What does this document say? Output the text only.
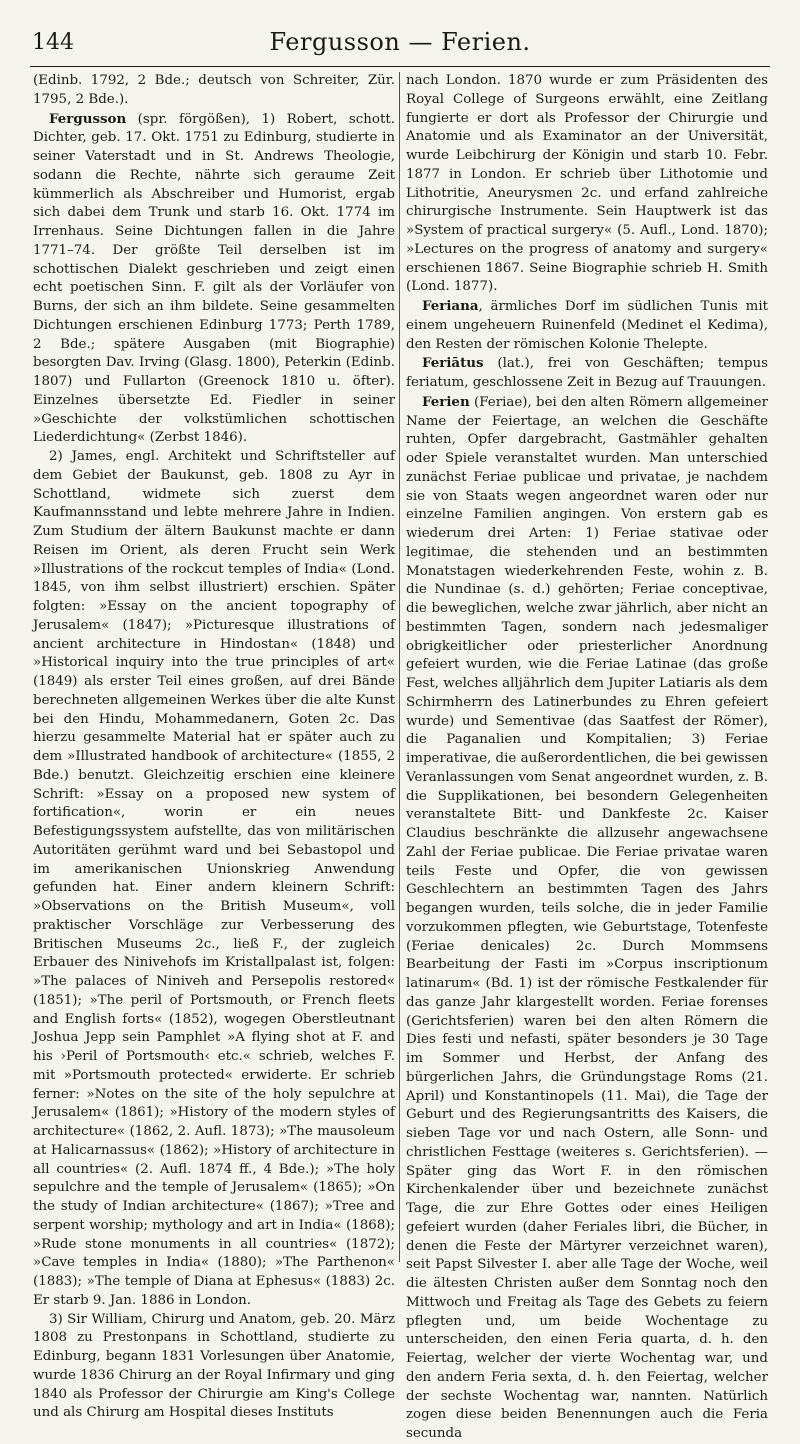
144	Fergusson — Ferien.

(Edinb. 1792, 2 Bde.; deutsch von Schreiter, Zür. 1795, 2 Bde.).

Fergusson (spr. förgößen), 1) Robert, schott. Dichter, geb. 17. Okt. 1751 zu Edinburg, studierte in seiner Vaterstadt und in St. Andrews Theologie, sodann die Rechte, nährte sich geraume Zeit kümmerlich als Abschreiber und Humorist, ergab sich dabei dem Trunk und starb 16. Okt. 1774 im Irrenhaus. Seine Dichtungen fallen in die Jahre 1771–74. Der größte Teil derselben ist im schottischen Dialekt geschrieben und zeigt einen echt poetischen Sinn. F. gilt als der Vorläufer von Burns, der sich an ihm bildete. Seine gesammelten Dichtungen erschienen Edinburg 1773; Perth 1789, 2 Bde.; spätere Ausgaben (mit Biographie) besorgten Dav. Irving (Glasg. 1800), Peterkin (Edinb. 1807) und Fullarton (Greenock 1810 u. öfter). Einzelnes übersetzte Ed. Fiedler in seiner »Geschichte der volkstümlichen schottischen Liederdichtung« (Zerbst 1846).

2) James, engl. Architekt und Schriftsteller auf dem Gebiet der Baukunst, geb. 1808 zu Ayr in Schottland, widmete sich zuerst dem Kaufmannsstand und lebte mehrere Jahre in Indien. Zum Studium der ältern Baukunst machte er dann Reisen im Orient, als deren Frucht sein Werk »Illustrations of the rockcut temples of India« (Lond. 1845, von ihm selbst illustriert) erschien. Später folgten: »Essay on the ancient topography of Jerusalem« (1847); »Picturesque illustrations of ancient architecture in Hindostan« (1848) und »Historical inquiry into the true principles of art« (1849) als erster Teil eines großen, auf drei Bände berechneten allgemeinen Werkes über die alte Kunst bei den Hindu, Mohammedanern, Goten 2c. Das hierzu gesammelte Material hat er später auch zu dem »Illustrated handbook of architecture« (1855, 2 Bde.) benutzt. Gleichzeitig erschien eine kleinere Schrift: »Essay on a proposed new system of fortification«, worin er ein neues Befestigungssystem aufstellte, das von militärischen Autoritäten gerühmt ward und bei Sebastopol und im amerikanischen Unionskrieg Anwendung gefunden hat. Einer andern kleinern Schrift: »Observations on the British Museum«, voll praktischer Vorschläge zur Verbesserung des Britischen Museums 2c., ließ F., der zugleich Erbauer des Ninivehofs im Kristallpalast ist, folgen: »The palaces of Niniveh and Persepolis restored« (1851); »The peril of Portsmouth, or French fleets and English forts« (1852), wogegen Oberstleutnant Joshua Jepp sein Pamphlet »A flying shot at F. and his ›Peril of Portsmouth‹ etc.« schrieb, welches F. mit »Portsmouth protected« erwiderte. Er schrieb ferner: »Notes on the site of the holy sepulchre at Jerusalem« (1861); »History of the modern styles of architecture« (1862, 2. Aufl. 1873); »The mausoleum at Halicarnassus« (1862); »History of architecture in all countries« (2. Aufl. 1874 ff., 4 Bde.); »The holy sepulchre and the temple of Jerusalem« (1865); »On the study of Indian architecture« (1867); »Tree and serpent worship; mythology and art in India« (1868); »Rude stone monuments in all countries« (1872); »Cave temples in India« (1880); »The Parthenon« (1883); »The temple of Diana at Ephesus« (1883) 2c. Er starb 9. Jan. 1886 in London.

3) Sir William, Chirurg und Anatom, geb. 20. März 1808 zu Prestonpans in Schottland, studierte zu Edinburg, begann 1831 Vorlesungen über Anatomie, wurde 1836 Chirurg an der Royal Infirmary und ging 1840 als Professor der Chirurgie am King's College und als Chirurg am Hospital dieses Instituts

nach London. 1870 wurde er zum Präsidenten des Royal College of Surgeons erwählt, eine Zeitlang fungierte er dort als Professor der Chirurgie und Anatomie und als Examinator an der Universität, wurde Leibchirurg der Königin und starb 10. Febr. 1877 in London. Er schrieb über Lithotomie und Lithotritie, Aneurysmen 2c. und erfand zahlreiche chirurgische Instrumente. Sein Hauptwerk ist das »System of practical surgery« (5. Aufl., Lond. 1870); »Lectures on the progress of anatomy and surgery« erschienen 1867. Seine Biographie schrieb H. Smith (Lond. 1877).

Feriana, ärmliches Dorf im südlichen Tunis mit einem ungeheuern Ruinenfeld (Medinet el Kedima), den Resten der römischen Kolonie Thelepte.

Feriātus (lat.), frei von Geschäften; tempus feriatum, geschlossene Zeit in Bezug auf Trauungen.

Ferien (Feriae), bei den alten Römern allgemeiner Name der Feiertage, an welchen die Geschäfte ruhten, Opfer dargebracht, Gastmähler gehalten oder Spiele veranstaltet wurden. Man unterschied zunächst Feriae publicae und privatae, je nachdem sie von Staats wegen angeordnet waren oder nur einzelne Familien angingen. Von erstern gab es wiederum drei Arten: 1) Feriae stativae oder legitimae, die stehenden und an bestimmten Monatstagen wiederkehrenden Feste, wohin z. B. die Nundinae (s. d.) gehörten; Feriae conceptivae, die beweglichen, welche zwar jährlich, aber nicht an bestimmten Tagen, sondern nach jedesmaliger obrigkeitlicher oder priesterlicher Anordnung gefeiert wurden, wie die Feriae Latinae (das große Fest, welches alljährlich dem Jupiter Latiaris als dem Schirmherrn des Latinerbundes zu Ehren gefeiert wurde) und Sementivae (das Saatfest der Römer), die Paganalien und Kompitalien; 3) Feriae imperativae, die außerordentlichen, die bei gewissen Veranlassungen vom Senat angeordnet wurden, z. B. die Supplikationen, bei besondern Gelegenheiten veranstaltete Bitt- und Dankfeste 2c. Kaiser Claudius beschränkte die allzusehr angewachsene Zahl der Feriae publicae. Die Feriae privatae waren teils Feste und Opfer, die von gewissen Geschlechtern an bestimmten Tagen des Jahrs begangen wurden, teils solche, die in jeder Familie vorzukommen pflegten, wie Geburtstage, Totenfeste (Feriae denicales) 2c. Durch Mommsens Bearbeitung der Fasti im »Corpus inscriptionum latinarum« (Bd. 1) ist der römische Festkalender für das ganze Jahr klargestellt worden. Feriae forenses (Gerichtsferien) waren bei den alten Römern die Dies festi und nefasti, später besonders je 30 Tage im Sommer und Herbst, der Anfang des bürgerlichen Jahrs, die Gründungstage Roms (21. April) und Konstantinopels (11. Mai), die Tage der Geburt und des Regierungsantritts des Kaisers, die sieben Tage vor und nach Ostern, alle Sonn- und christlichen Festtage (weiteres s. Gerichtsferien). — Später ging das Wort F. in den römischen Kirchenkalender über und bezeichnete zunächst Tage, die zur Ehre Gottes oder eines Heiligen gefeiert wurden (daher Feriales libri, die Bücher, in denen die Feste der Märtyrer verzeichnet waren), seit Papst Silvester I. aber alle Tage der Woche, weil die ältesten Christen außer dem Sonntag noch den Mittwoch und Freitag als Tage des Gebets zu feiern pflegten und, um beide Wochentage zu unterscheiden, den einen Feria quarta, d. h. den Feiertag, welcher der vierte Wochentag war, und den andern Feria sexta, d. h. den Feiertag, welcher der sechste Wochentag war, nannten. Natürlich zogen diese beiden Benennungen auch die Feria secunda
